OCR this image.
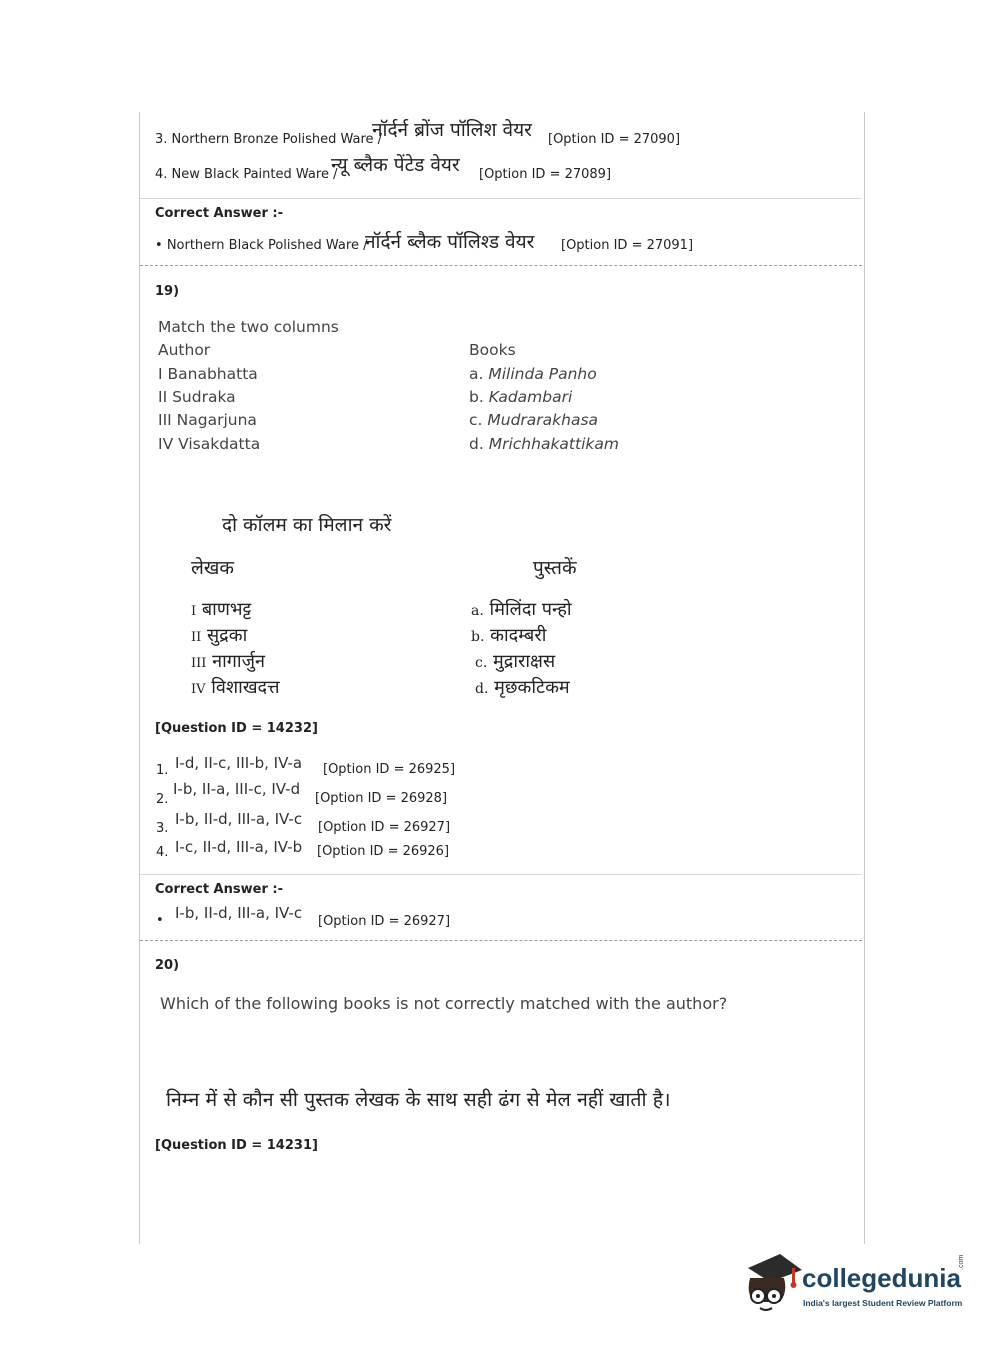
3. Northern Bronze Polished Ware /
नॉर्दर्न ब्रोंज पॉलिश वेयर [Option ID = 27090]
4. New Black Painted Ware /
न्यू ब्लैक पेंटेड वेयर [Option ID = 27089]
Correct Answer :-
• Northern Black Polished Ware /
नॉर्दर्न ब्लैक पॉलिश्ड वेयर [Option ID = 27091]
19)
Match the two columns
Author	Books
I Banabhatta
II Sudraka
III Nagarjuna
IV Visakdatta
a. Milinda Panho
b. Kadambari
c. Mudrarakhasa
d. Mrichhakattikam
दो कॉलम का मिलान करें
लेखक	पुस्तकें
I बाणभट्ट
II सुद्रका
III नागार्जुन
IV विशाखदत्त
a. मिलिंदा पन्हो
b. कादम्बरी
c. मुद्राराक्षस
d. मृछकटिकम
[Question ID = 14232]
1. I-d, II-c, III-b, IV-a [Option ID = 26925]
2.
I-b, II-a, III-c, IV-d
[Option ID = 26928]
3.
I-b, II-d, III-a, IV-c [Option ID = 26927]
4. I-c, II-d, III-a, IV-b [Option ID = 26926]
Correct Answer :-
• I-b, II-d, III-a, IV-c [Option ID = 26927]
20)
Which of the following books is not correctly matched with the author?
निम्न में से कौन सी पुस्तक लेखक के साथ सही ढंग से मेल नहीं खाती है।
[Question ID = 14231]
collegedunia
.com
India's largest Student Review Platform
